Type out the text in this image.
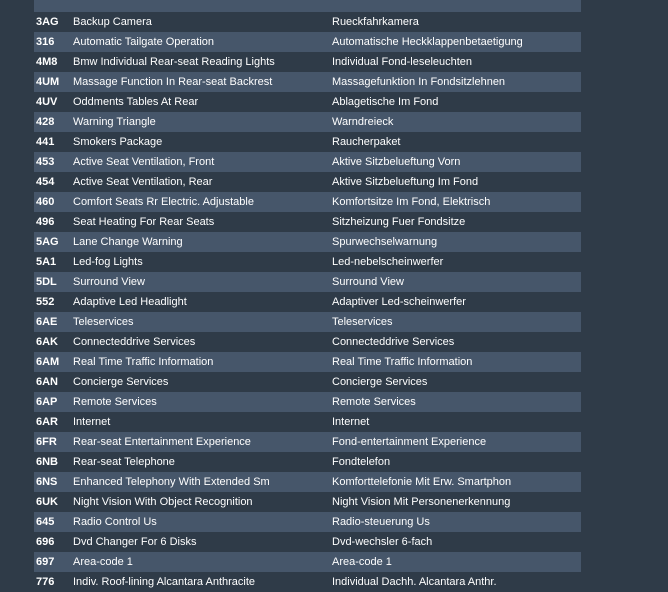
3AG	Backup Camera	Rueckfahrkamera
316	Automatic Tailgate Operation	Automatische Heckklappenbetaetigung
4M8	Bmw Individual Rear-seat Reading Lights	Individual Fond-leseleuchten
4UM	Massage Function In Rear-seat Backrest	Massagefunktion In Fondsitzlehnen
4UV	Oddments Tables At Rear	Ablagetische Im Fond
428	Warning Triangle	Warndreieck
441	Smokers Package	Raucherpaket
453	Active Seat Ventilation, Front	Aktive Sitzbelueftung Vorn
454	Active Seat Ventilation, Rear	Aktive Sitzbelueftung Im Fond
460	Comfort Seats Rr Electric. Adjustable	Komfortsitze Im Fond, Elektrisch
496	Seat Heating For Rear Seats	Sitzheizung Fuer Fondsitze
5AG	Lane Change Warning	Spurwechselwarnung
5A1	Led-fog Lights	Led-nebelscheinwerfer
5DL	Surround View	Surround View
552	Adaptive Led Headlight	Adaptiver Led-scheinwerfer
6AE	Teleservices	Teleservices
6AK	Connecteddrive Services	Connecteddrive Services
6AM	Real Time Traffic Information	Real Time Traffic Information
6AN	Concierge Services	Concierge Services
6AP	Remote Services	Remote Services
6AR	Internet	Internet
6FR	Rear-seat Entertainment Experience	Fond-entertainment Experience
6NB	Rear-seat Telephone	Fondtelefon
6NS	Enhanced Telephony With Extended Sm	Komforttelefonie Mit Erw. Smartphon
6UK	Night Vision With Object Recognition	Night Vision Mit Personenerkennung
645	Radio Control Us	Radio-steuerung Us
696	Dvd Changer For 6 Disks	Dvd-wechsler 6-fach
697	Area-code 1	Area-code 1
776	Indiv. Roof-lining Alcantara Anthracite	Individual Dachh. Alcantara Anthr.
